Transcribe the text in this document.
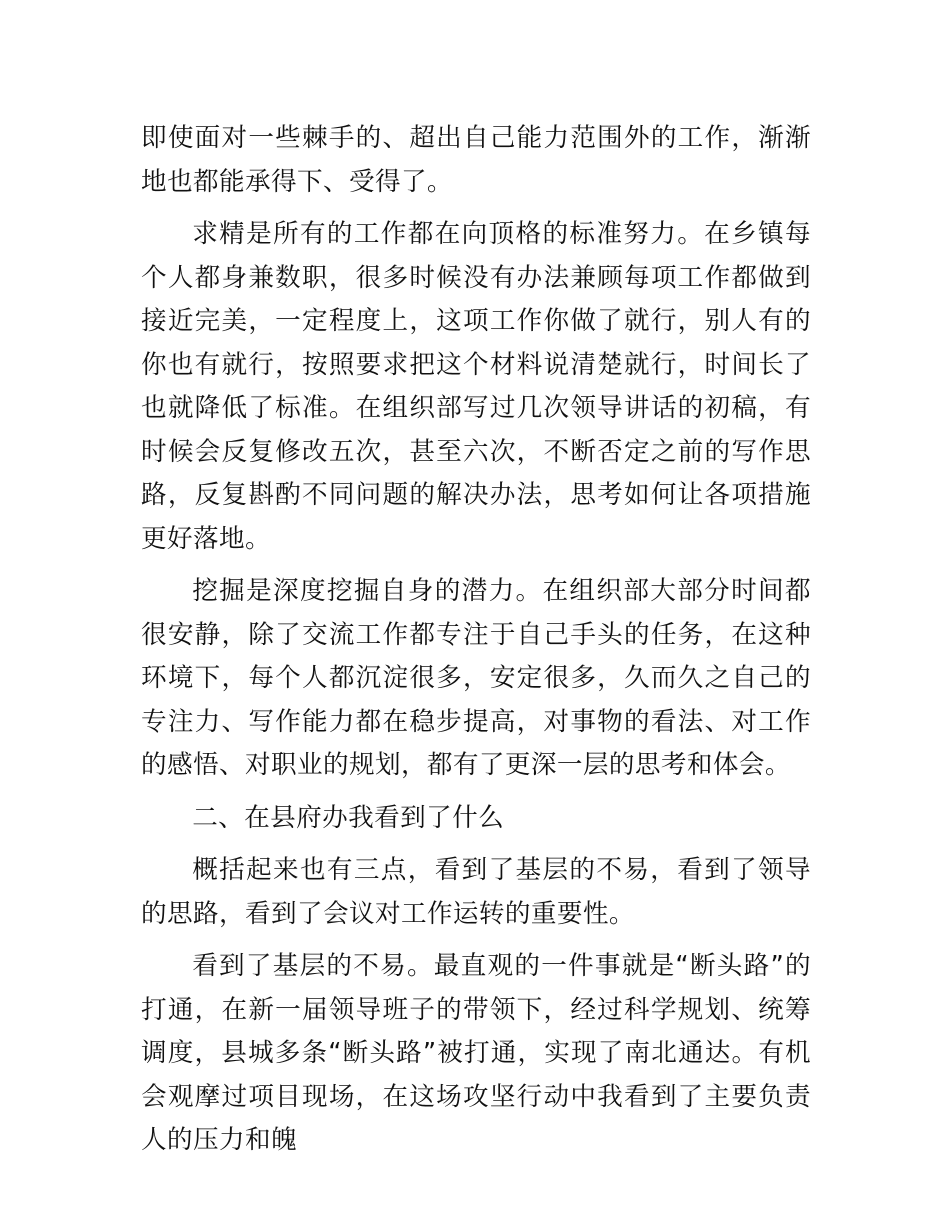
即使面对一些棘手的、超出自己能力范围外的工作，渐渐地也都能承得下、受得了。

求精是所有的工作都在向顶格的标准努力。在乡镇每个人都身兼数职，很多时候没有办法兼顾每项工作都做到接近完美，一定程度上，这项工作你做了就行，别人有的你也有就行，按照要求把这个材料说清楚就行，时间长了也就降低了标准。在组织部写过几次领导讲话的初稿，有时候会反复修改五次，甚至六次，不断否定之前的写作思路，反复斟酌不同问题的解决办法，思考如何让各项措施更好落地。

挖掘是深度挖掘自身的潜力。在组织部大部分时间都很安静，除了交流工作都专注于自己手头的任务，在这种环境下，每个人都沉淀很多，安定很多，久而久之自己的专注力、写作能力都在稳步提高，对事物的看法、对工作的感悟、对职业的规划，都有了更深一层的思考和体会。

二、在县府办我看到了什么

概括起来也有三点，看到了基层的不易，看到了领导的思路，看到了会议对工作运转的重要性。

看到了基层的不易。最直观的一件事就是“断头路”的打通，在新一届领导班子的带领下，经过科学规划、统筹调度，县城多条“断头路”被打通，实现了南北通达。有机会观摩过项目现场，在这场攻坚行动中我看到了主要负责人的压力和魄
